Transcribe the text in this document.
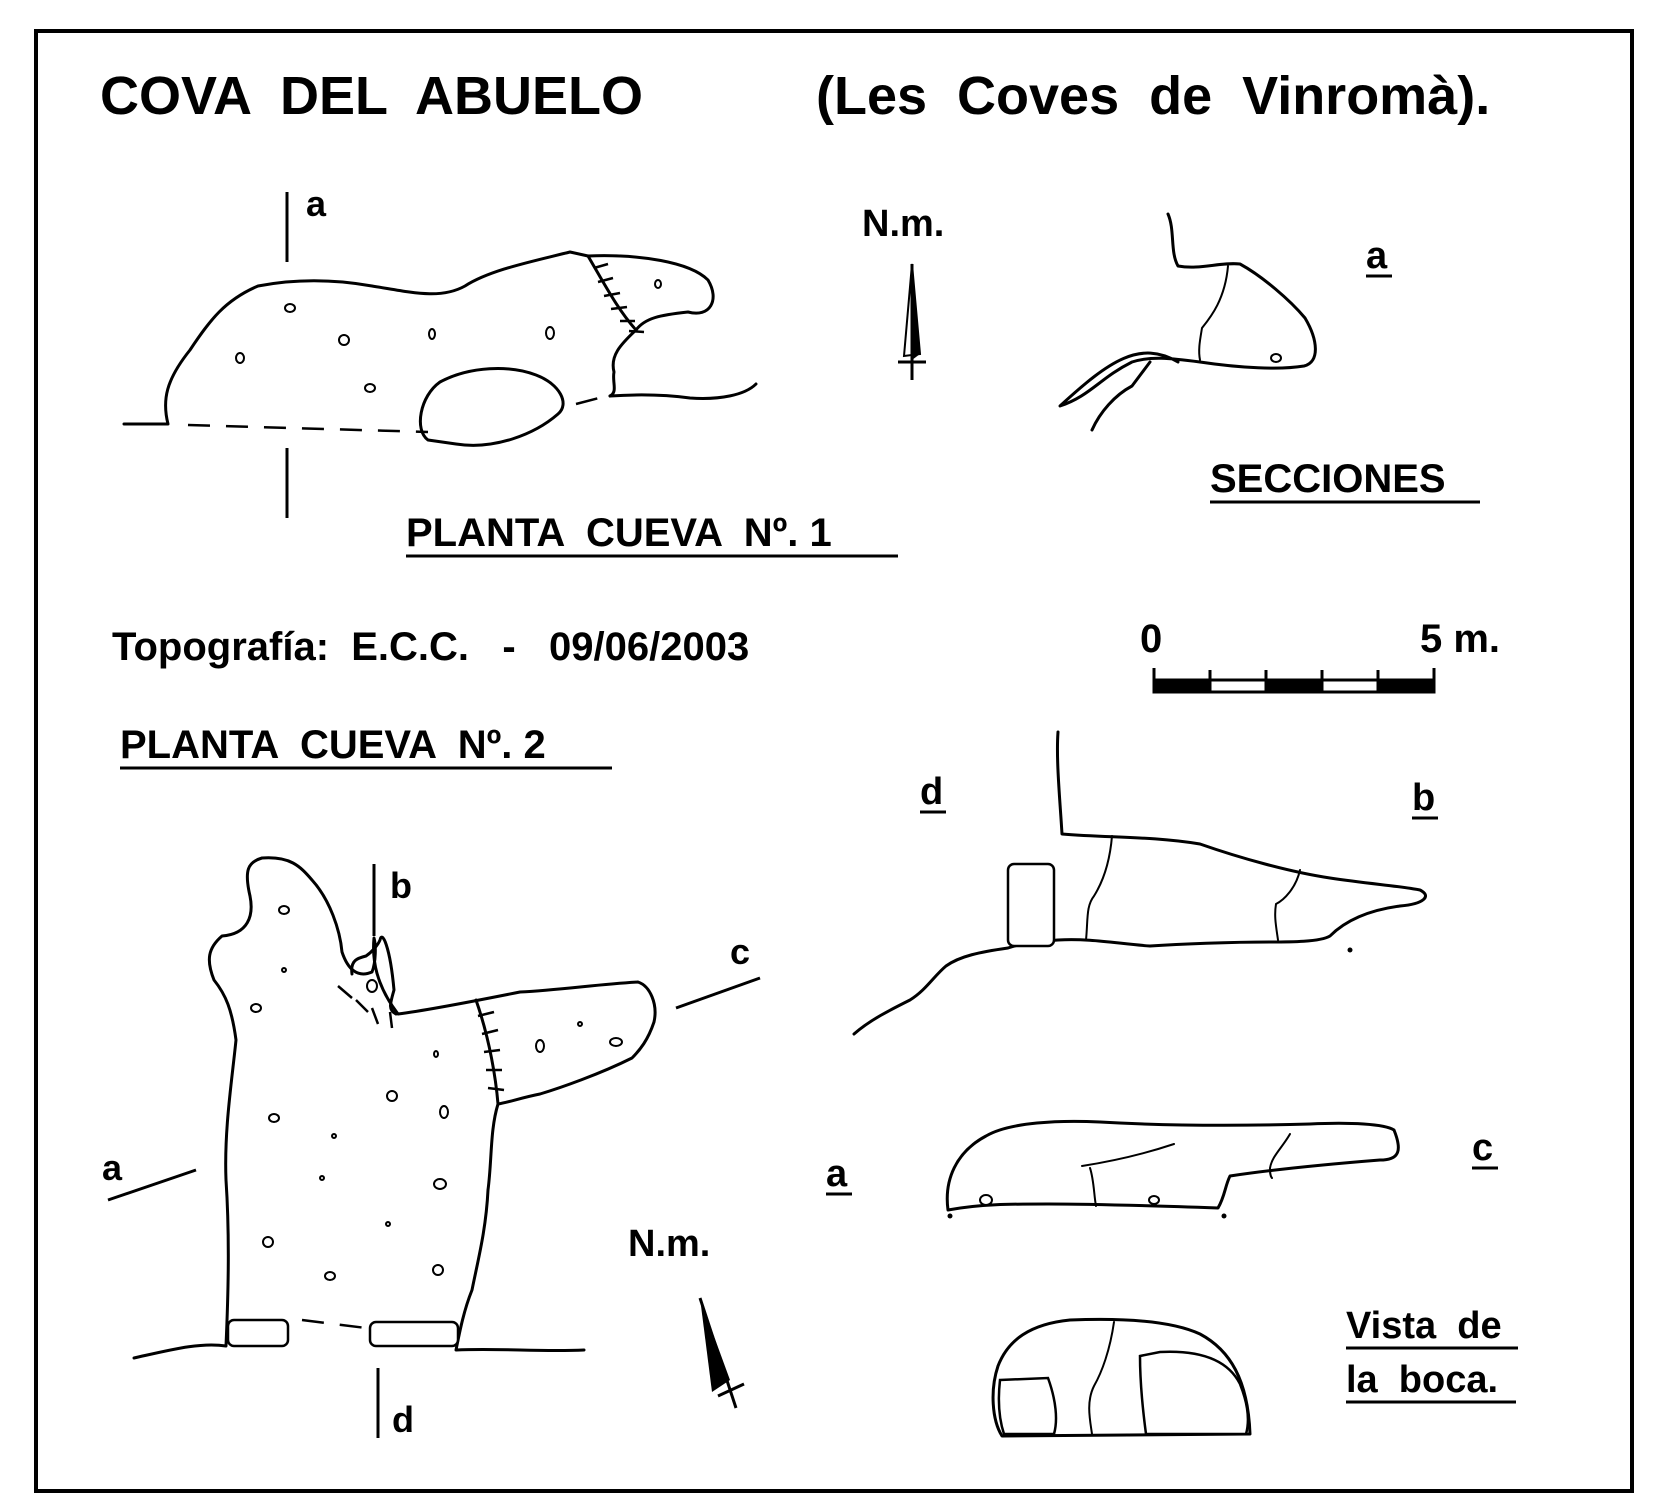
COVA  DEL  ABUELO	(Les  Coves  de  Vinromà).
a
PLANTA  CUEVA  Nº. 1
N.m.
a
SECCIONES
Topografía:  E.C.C.   -   09/06/2003	0	5 m.
PLANTA  CUEVA  Nº. 2
b
c
a
d
N.m.
d	b
a
c
Vista  de
la  boca.
